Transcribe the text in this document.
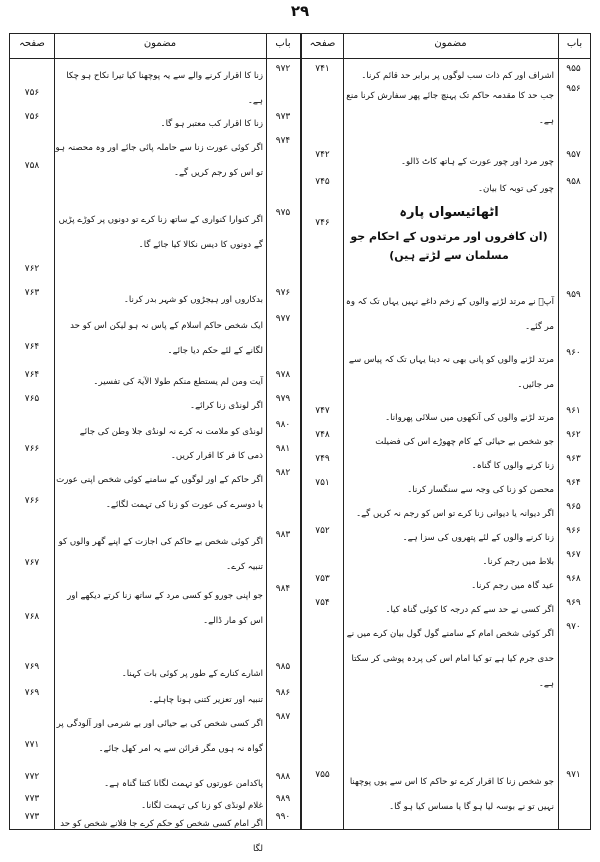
۲۹
باب
مضمون
صفحہ
باب
مضمون
صفحہ
۹۵۵
۷۴۱
اشراف اور کم ذات سب لوگوں پر برابر حد قائم کرنا۔
۹۵۶
جب حد کا مقدمہ حاکم تک پہنچ جائے پھر سفارش کرنا منع ہے۔
۹۵۷
۷۴۲
چور مرد اور چور عورت کے ہاتھ کاٹ ڈالو۔
۹۵۸
۷۴۵
چور کی توبہ کا بیان۔
اٹھائیسواں پارہ
(ان کافروں اور مرتدوں کے احکام جو مسلمان سے لڑتے ہیں)
۹۵۹
۷۴۶
آپؐ نے مرتد لڑنے والوں کے زخم داغے نہیں یہاں تک کہ وہ مر گئے۔
۹۶۰
مرتد لڑنے والوں کو پانی بھی نہ دینا یہاں تک کہ پیاس سے مر جائیں۔
۹۶۱
۷۴۷
مرتد لڑنے والوں کی آنکھوں میں سلائی پھروانا۔
۹۶۲
۷۴۸
جو شخص بے حیائی کے کام چھوڑے اس کی فضیلت
۹۶۳
۷۴۹
زنا کرنے والوں کا گناہ۔
۹۶۴
۷۵۱
محصن کو زنا کی وجہ سے سنگسار کرنا۔
۹۶۵
اگر دیوانہ یا دیوانی زنا کرے تو اس کو رجم نہ کریں گے۔
۹۶۶
۷۵۲
زنا کرنے والوں کے لئے پتھروں کی سزا ہے۔
۹۶۷
بلاط میں رجم کرنا۔
۹۶۸
۷۵۳
عید گاہ میں رجم کرنا۔
۹۶۹
۷۵۴
اگر کسی نے حد سے کم درجہ کا کوئی گناہ کیا۔
۹۷۰
اگر کوئی شخص امام کے سامنے گول گول بیان کرے میں نے حدی جرم کیا ہے تو کیا امام اس کی پردہ پوشی کر سکتا ہے۔
۹۷۱
۷۵۵
جو شخص زنا کا اقرار کرے تو حاکم کا اس سے یوں پوچھنا نہیں تو نے بوسہ لیا ہو گا یا مساس کیا ہو گا۔
۹۷۲
۷۵۶
زنا کا اقرار کرنے والے سے یہ پوچھنا کیا تیرا نکاح ہو چکا ہے۔
۹۷۳
۷۵۶
زنا کا اقرار کب معتبر ہو گا۔
۹۷۴
۷۵۸
اگر کوئی عورت زنا سے حاملہ پائی جائے اور وہ محصنہ ہو تو اس کو رجم کریں گے۔
۹۷۵
۷۶۲
اگر کنوارا کنواری کے ساتھ زنا کرے تو دونوں پر کوڑے پڑیں گے دونوں کا دیس نکالا کیا جائے گا۔
۹۷۶
۷۶۳
بدکاروں اور ہیجڑوں کو شہر بدر کرنا۔
۹۷۷
۷۶۴
ایک شخص حاکم اسلام کے پاس نہ ہو لیکن اس کو حد لگانے کے لئے حکم دیا جائے۔
۹۷۸
۷۶۴
آیت ومن لم یستطع منکم طولا الآیۃ کی تفسیر۔
۹۷۹
۷۶۵
اگر لونڈی زنا کرائے۔
۹۸۰
لونڈی کو ملامت نہ کرے نہ لونڈی جلا وطن کی جائے
۹۸۱
۷۶۶
ذمی کا فر کا اقرار کریں۔
۹۸۲
۷۶۶
اگر حاکم کے اور لوگوں کے سامنے کوئی شخص اپنی عورت یا دوسرے کی عورت کو زنا کی تہمت لگائے۔
۹۸۳
۷۶۷
اگر کوئی شخص بے حاکم کی اجازت کے اپنے گھر والوں کو تنبیہ کرے۔
۹۸۴
۷۶۸
جو اپنی جورو کو کسی مرد کے ساتھ زنا کرتے دیکھے اور اس کو مار ڈالے۔
۹۸۵
۷۶۹
اشارے کنارے کے طور پر کوئی بات کہنا۔
۹۸۶
۷۶۹
تنبیہ اور تعزیر کتنی ہونا چاہئے۔
۹۸۷
۷۷۱
اگر کسی شخص کی بے حیائی اور بے شرمی اور آلودگی پر گواہ نہ ہوں مگر قرائن سے یہ امر کھل جائے۔
۹۸۸
۷۷۲
پاکدامن عورتوں کو تہمت لگانا کتنا گناہ ہے۔
۹۸۹
۷۷۳
غلام لونڈی کو زنا کی تہمت لگانا۔
۹۹۰
۷۷۳
اگر امام کسی شخص کو حکم کرے جا فلانے شخص کو حد لگا
